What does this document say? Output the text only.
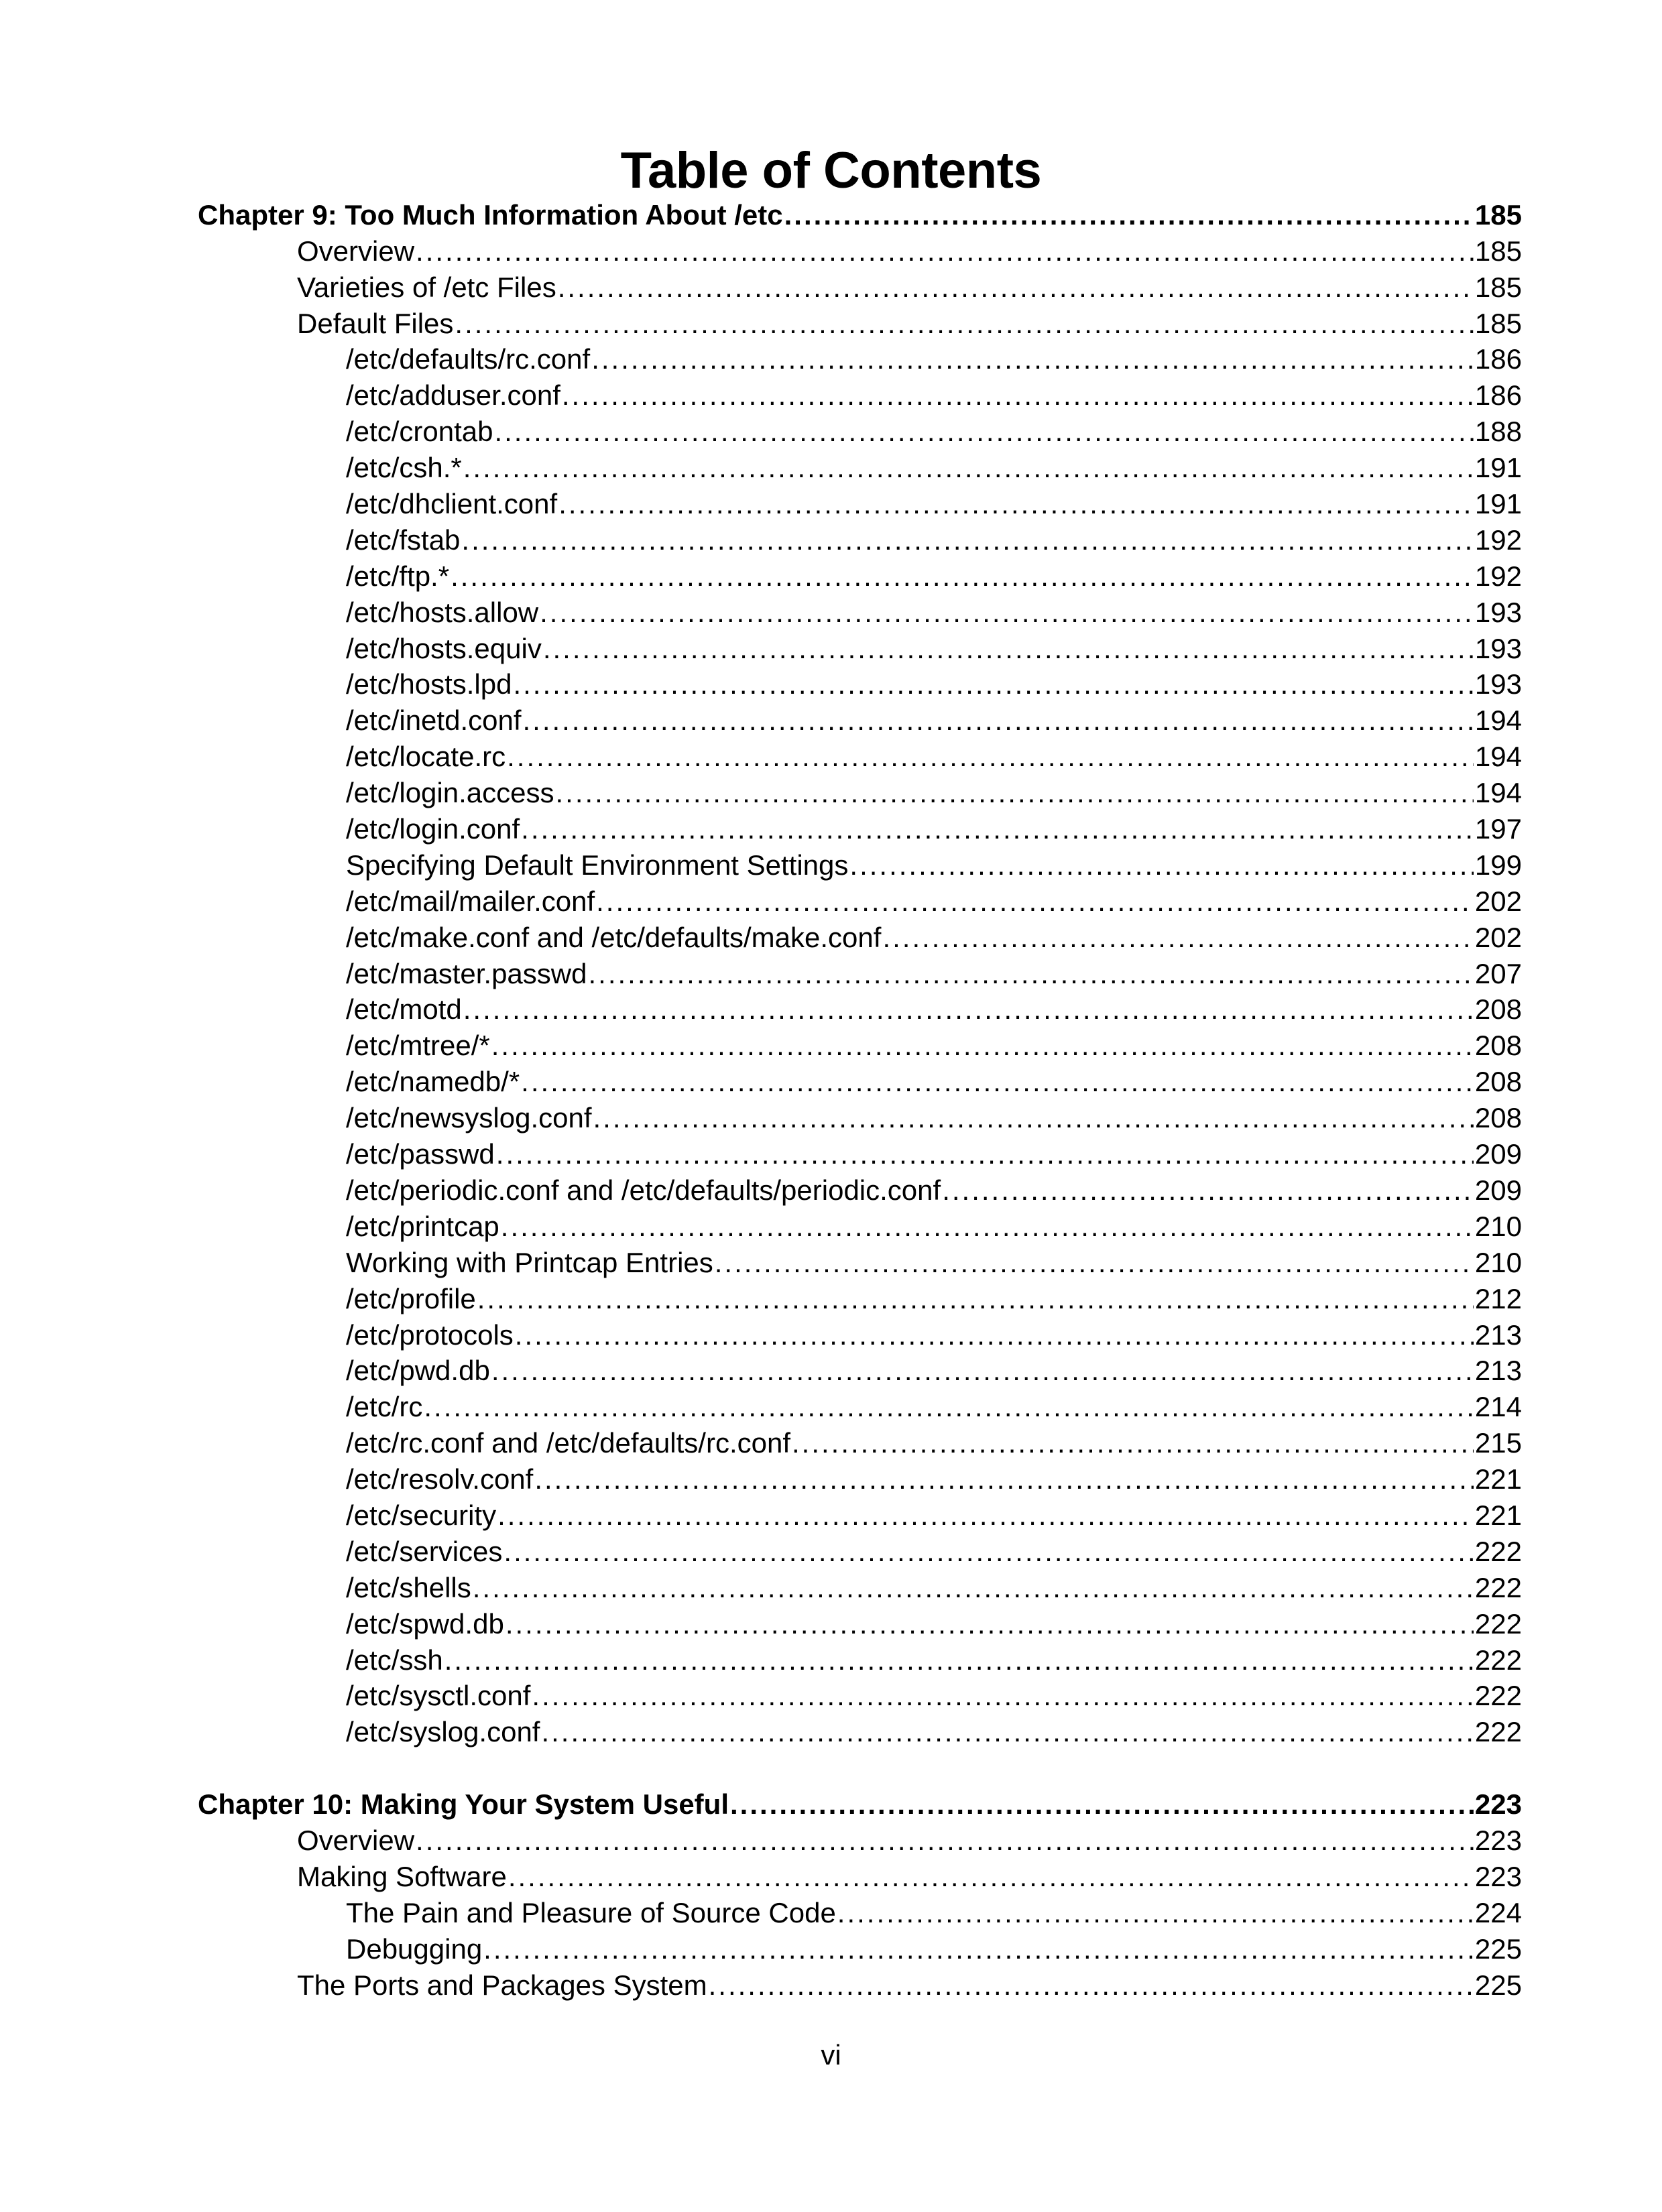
Table of Contents
Chapter 9: Too Much Information About /etc .....	185
Overview .....	185
Varieties of /etc Files .....	185
Default Files .....	185
/etc/defaults/rc.conf .....	186
/etc/adduser.conf .....	186
/etc/crontab .....	188
/etc/csh.* .....	191
/etc/dhclient.conf .....	191
/etc/fstab .....	192
/etc/ftp.* .....	192
/etc/hosts.allow .....	193
/etc/hosts.equiv .....	193
/etc/hosts.lpd .....	193
/etc/inetd.conf .....	194
/etc/locate.rc .....	194
/etc/login.access .....	194
/etc/login.conf .....	197
Specifying Default Environment Settings .....	199
/etc/mail/mailer.conf .....	202
/etc/make.conf and /etc/defaults/make.conf .....	202
/etc/master.passwd .....	207
/etc/motd .....	208
/etc/mtree/* .....	208
/etc/namedb/* .....	208
/etc/newsyslog.conf .....	208
/etc/passwd .....	209
/etc/periodic.conf and /etc/defaults/periodic.conf .....	209
/etc/printcap .....	210
Working with Printcap Entries .....	210
/etc/profile .....	212
/etc/protocols .....	213
/etc/pwd.db .....	213
/etc/rc .....	214
/etc/rc.conf and /etc/defaults/rc.conf .....	215
/etc/resolv.conf .....	221
/etc/security .....	221
/etc/services .....	222
/etc/shells .....	222
/etc/spwd.db .....	222
/etc/ssh .....	222
/etc/sysctl.conf .....	222
/etc/syslog.conf .....	222
Chapter 10: Making Your System Useful .....	223
Overview .....	223
Making Software .....	223
The Pain and Pleasure of Source Code .....	224
Debugging .....	225
The Ports and Packages System .....	225
vi
